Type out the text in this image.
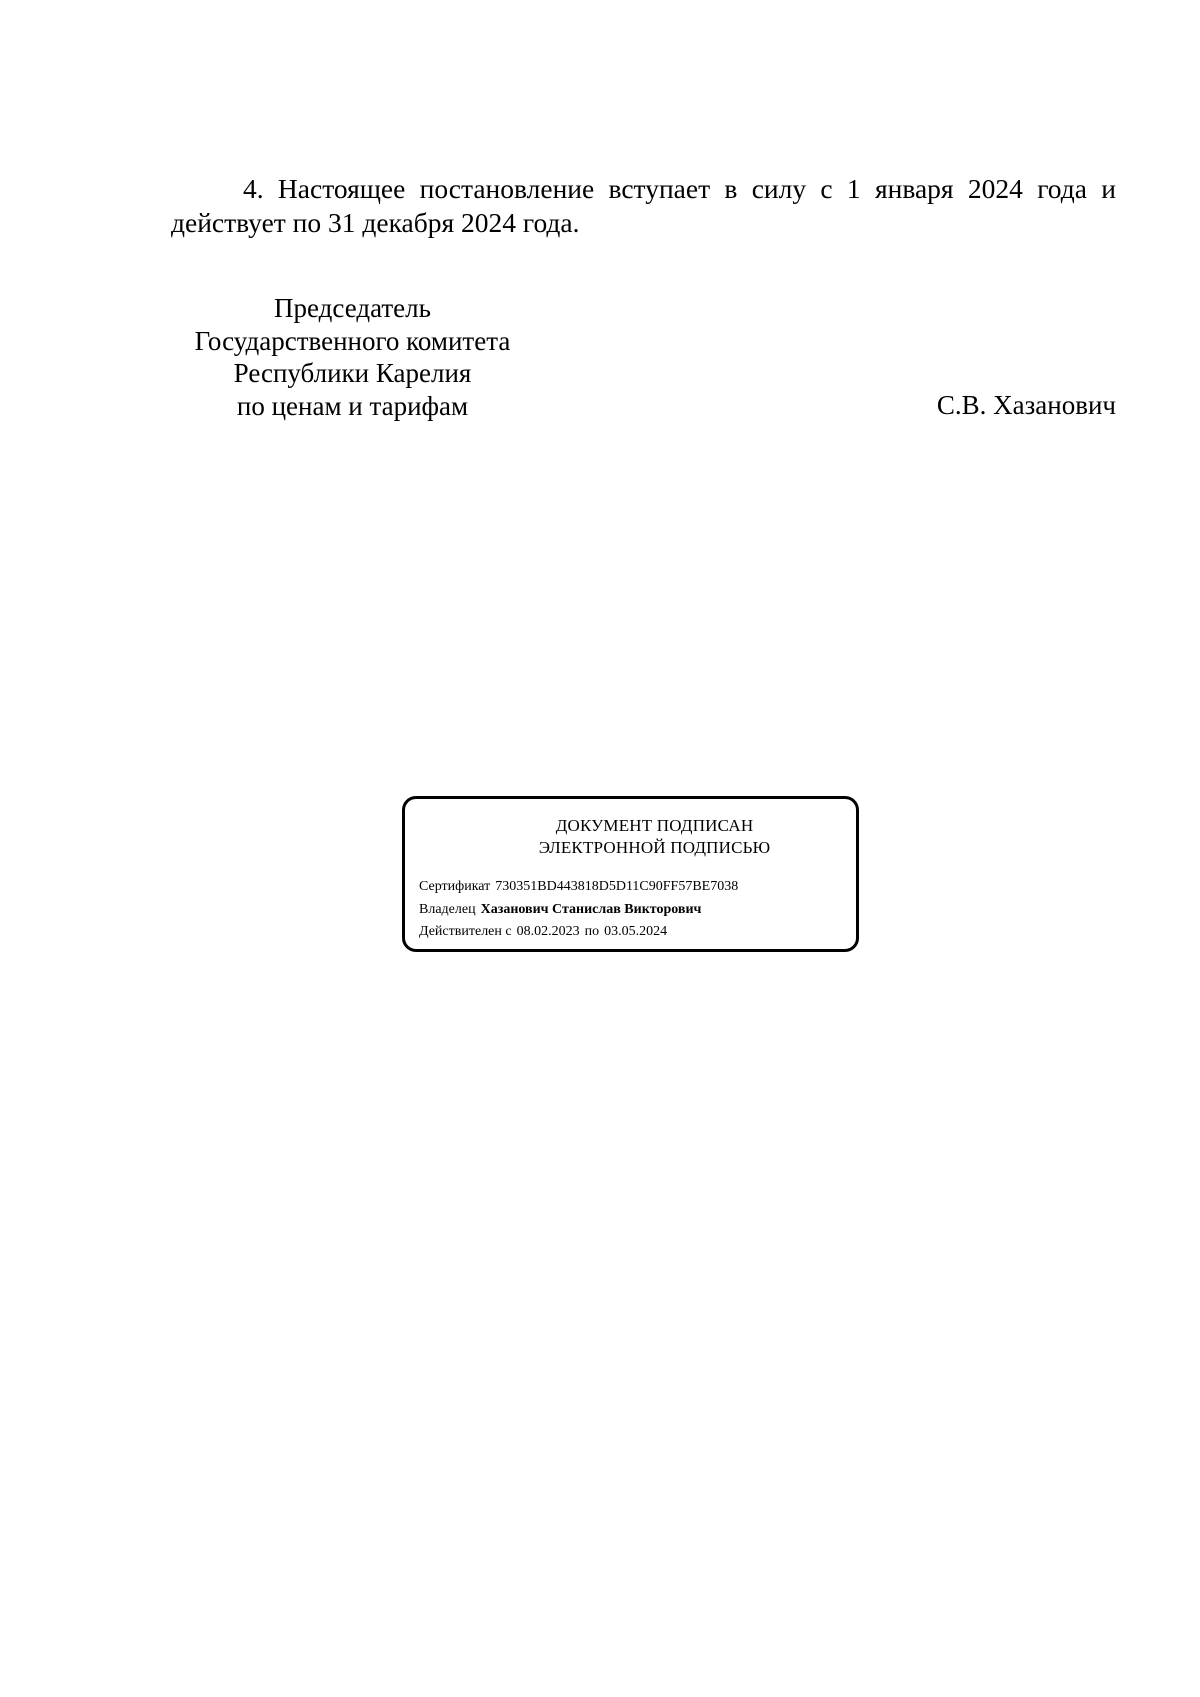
4. Настоящее постановление вступает в силу с 1 января 2024 года и действует по 31 декабря 2024 года.

Председатель
Государственного комитета
Республики Карелия
по ценам и тарифам	С.В. Хазанович
ДОКУМЕНТ ПОДПИСАН
ЭЛЕКТРОННОЙ ПОДПИСЬЮ
Сертификат 730351BD443818D5D11C90FF57BE7038
Владелец Хазанович Станислав Викторович
Действителен с 08.02.2023 по 03.05.2024
